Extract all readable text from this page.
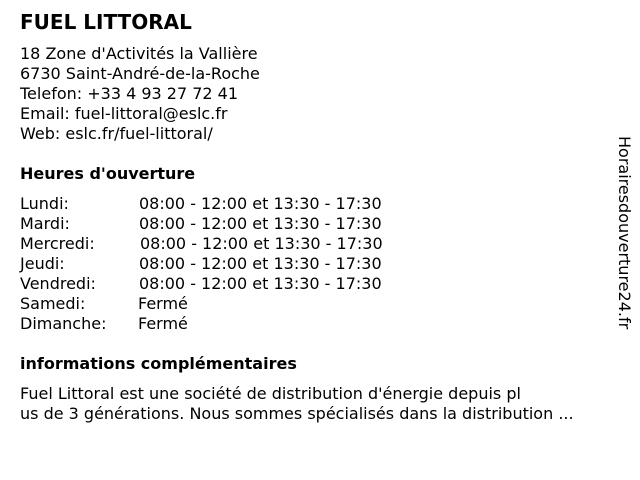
FUEL LITTORAL
18 Zone d'Activités la Vallière
6730 Saint-André-de-la-Roche
Telefon: +33 4 93 27 72 41
Email: fuel-littoral@eslc.fr
Web: eslc.fr/fuel-littoral/
Heures d'ouverture
Lundi:	08:00 - 12:00 et 13:30 - 17:30
Mardi:	08:00 - 12:00 et 13:30 - 17:30
Mercredi:	08:00 - 12:00 et 13:30 - 17:30
Jeudi:	08:00 - 12:00 et 13:30 - 17:30
Vendredi:	08:00 - 12:00 et 13:30 - 17:30
Samedi:	Fermé
Dimanche: Fermé
informations complémentaires
Fuel Littoral est une société de distribution d'énergie depuis pl
us de 3 générations. Nous sommes spécialisés dans la distribution ...
Horairesdouverture24.fr
